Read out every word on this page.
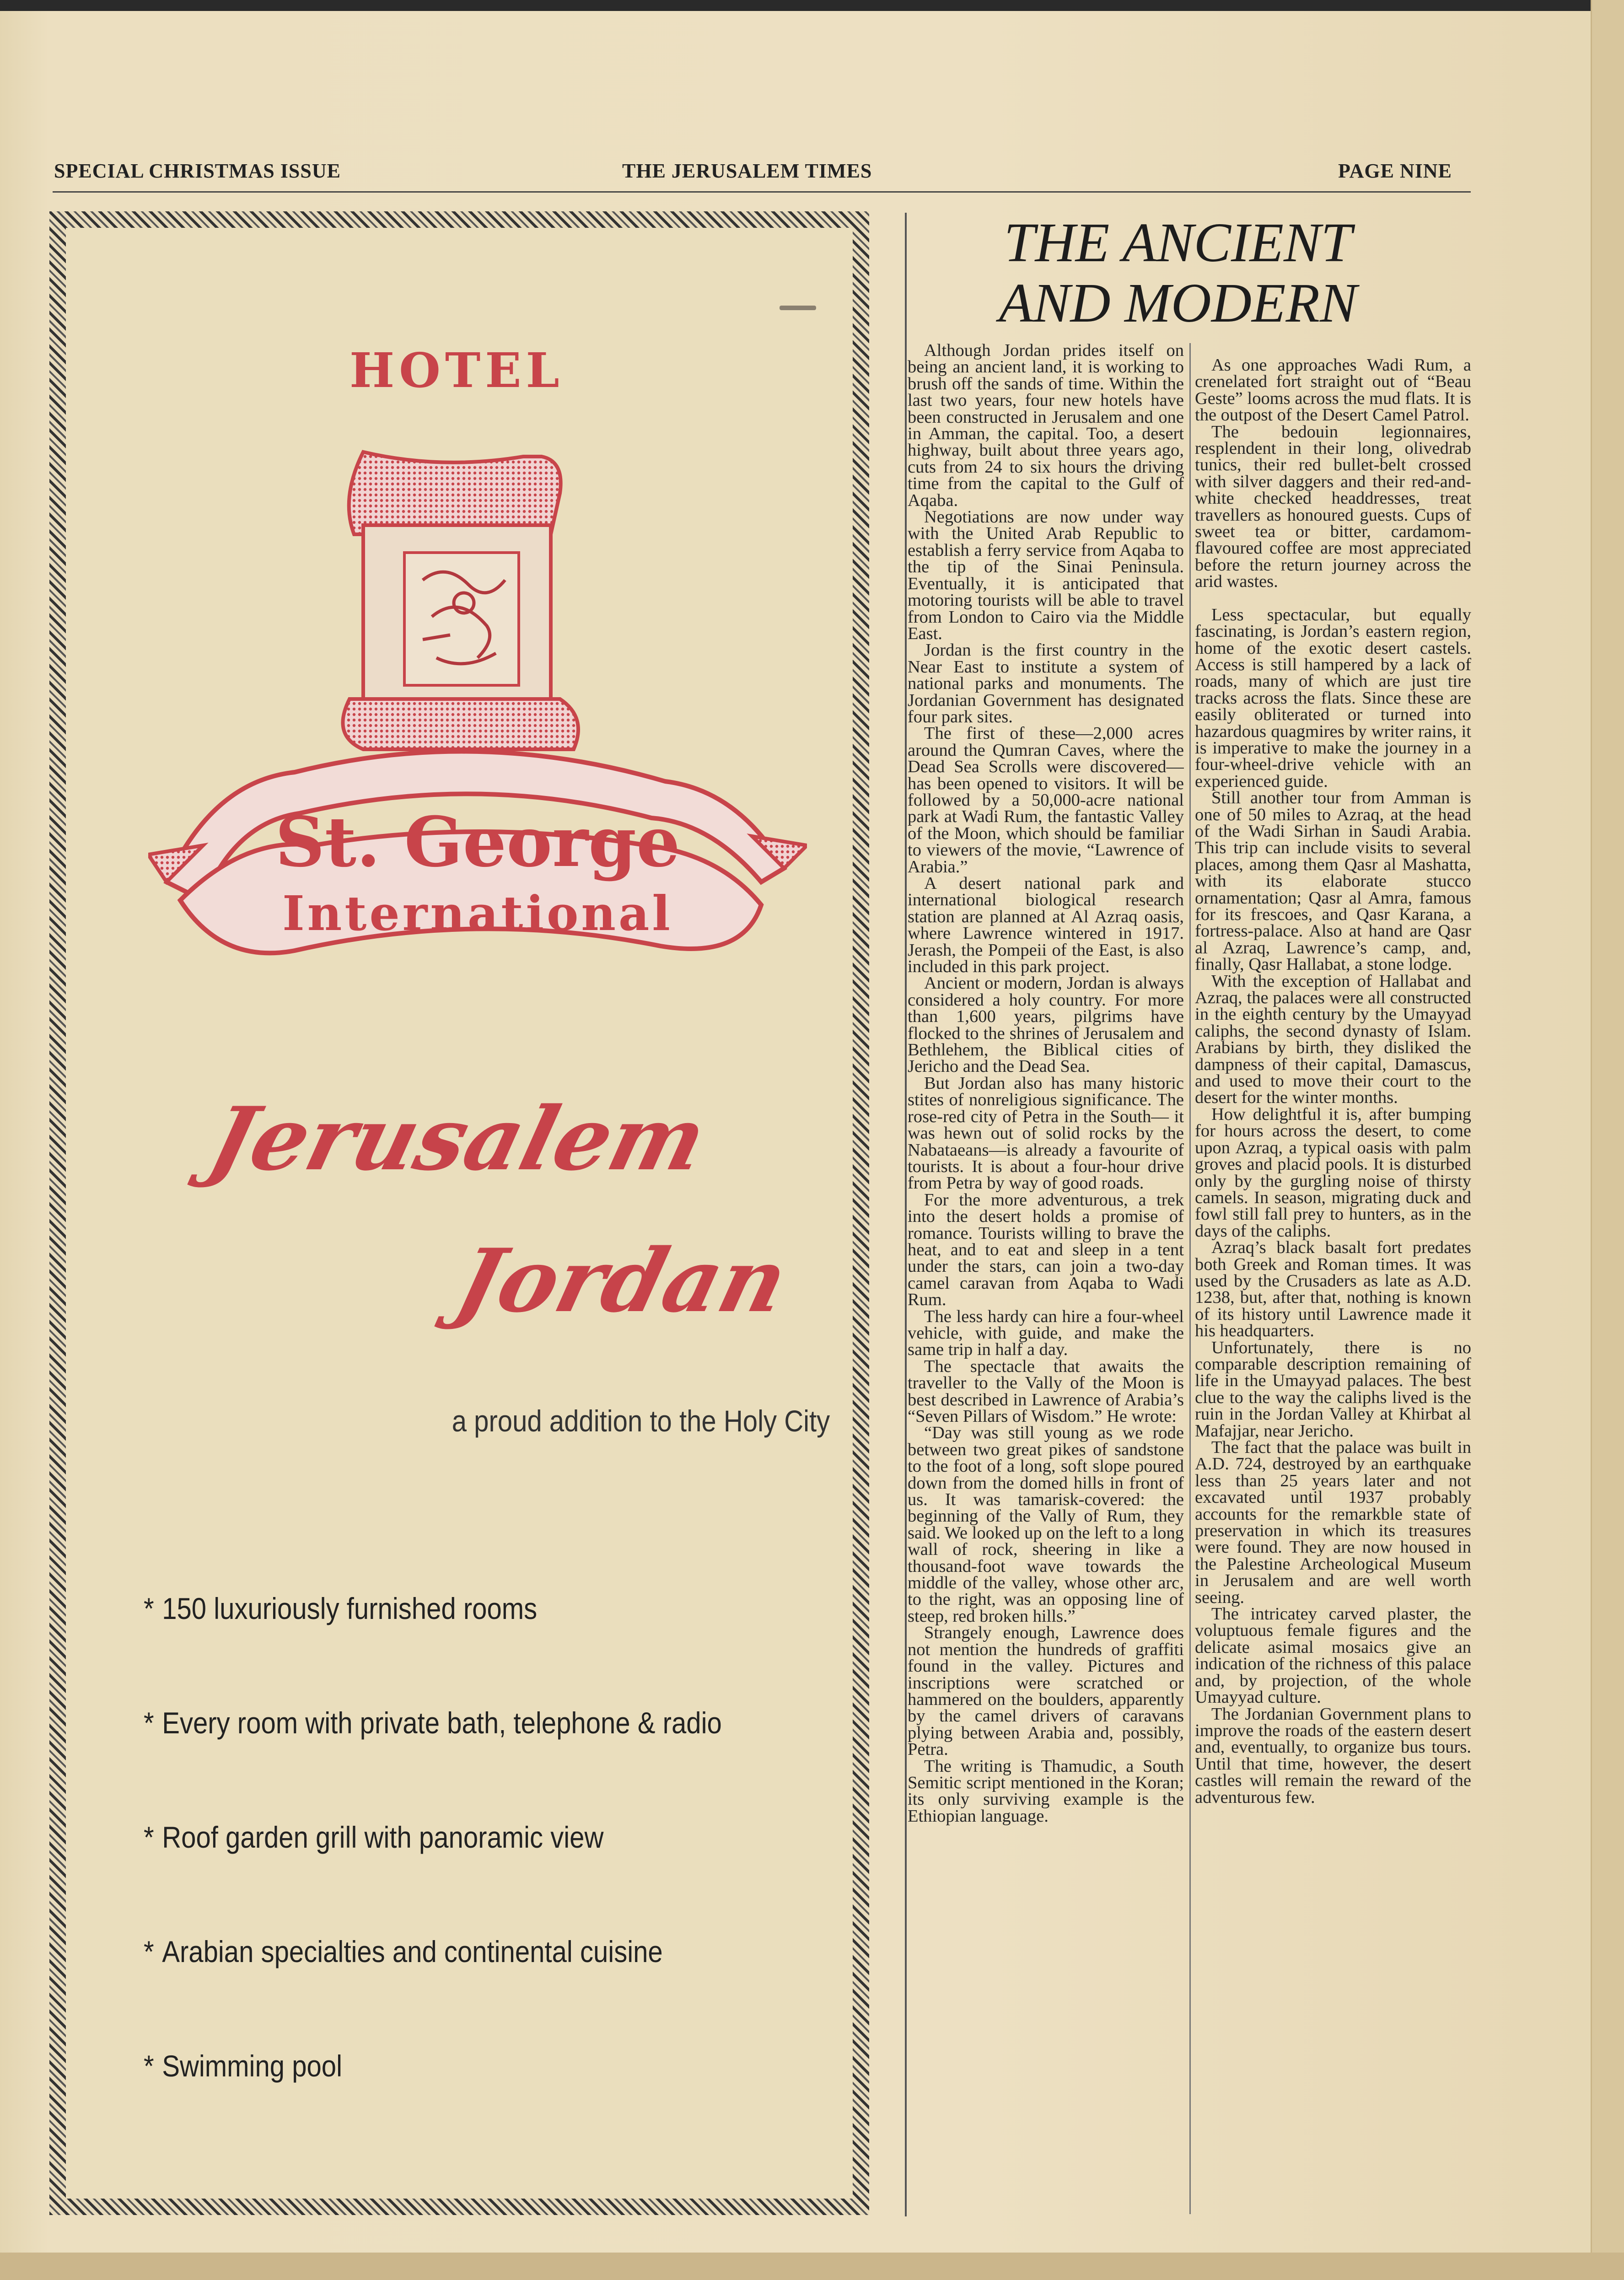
SPECIAL CHRISTMAS ISSUE	THE JERUSALEM TIMES	PAGE NINE
HOTEL
St. George
International
Jerusalem
Jordan
a proud addition to the Holy City
* 150 luxuriously furnished rooms
* Every room with private bath, telephone & radio
* Roof garden grill with panoramic view
* Arabian specialties and continental cuisine
* Swimming pool
THE ANCIENT
AND MODERN

Although Jordan prides itself on being an ancient land, it is working to brush off the sands of time. Within the last two years, four new hotels have been constructed in Jerusalem and one in Amman, the capital. Too, a desert highway, built about three years ago, cuts from 24 to six hours the driving time from the capital to the Gulf of Aqaba.

Negotiations are now under way with the United Arab Republic to establish a ferry service from Aqaba to the tip of the Sinai Peninsula. Eventually, it is anticipated that motoring tourists will be able to travel from London to Cairo via the Middle East.

Jordan is the first country in the Near East to institute a system of national parks and monuments. The Jordanian Government has designated four park sites.

The first of these—2,000 acres around the Qumran Caves, where the Dead Sea Scrolls were discovered—has been opened to visitors. It will be followed by a 50,000-acre national park at Wadi Rum, the fantastic Valley of the Moon, which should be familiar to viewers of the movie, “Lawrence of Arabia.”

A desert national park and international biological research station are planned at Al Azraq oasis, where Lawrence wintered in 1917. Jerash, the Pompeii of the East, is also included in this park project.

Ancient or modern, Jordan is always considered a holy country. For more than 1,600 years, pilgrims have flocked to the shrines of Jerusalem and Bethlehem, the Biblical cities of Jericho and the Dead Sea.

But Jordan also has many historic stites of nonreligious significance. The rose-red city of Petra in the South— it was hewn out of solid rocks by the Nabataeans—is already a favourite of tourists. It is about a four-hour drive from Petra by way of good roads.

For the more adventurous, a trek into the desert holds a promise of romance. Tourists willing to brave the heat, and to eat and sleep in a tent under the stars, can join a two-day camel caravan from Aqaba to Wadi Rum.

The less hardy can hire a four-wheel vehicle, with guide, and make the same trip in half a day.

The spectacle that awaits the traveller to the Vally of the Moon is best described in Lawrence of Arabia’s “Seven Pillars of Wisdom.” He wrote:

“Day was still young as we rode between two great pikes of sandstone to the foot of a long, soft slope poured down from the domed hills in front of us. It was tamarisk-covered: the beginning of the Vally of Rum, they said. We looked up on the left to a long wall of rock, sheering in like a thousand-foot wave towards the middle of the valley, whose other arc, to the right, was an opposing line of steep, red broken hills.”

Strangely enough, Lawrence does not mention the hundreds of graffiti found in the valley. Pictures and inscriptions were scratched or hammered on the boulders, apparently by the camel drivers of caravans plying between Arabia and, possibly, Petra.

The writing is Thamudic, a South Semitic script mentioned in the Koran; its only surviving example is the Ethiopian language.

As one approaches Wadi Rum, a crenelated fort straight out of “Beau Geste” looms across the mud flats. It is the outpost of the Desert Camel Patrol.

The bedouin legionnaires, resplendent in their long, olivedrab tunics, their red bullet-belt crossed with silver daggers and their red-and-white checked headdresses, treat travellers as honoured guests. Cups of sweet tea or bitter, cardamom-flavoured coffee are most appreciated before the return journey across the arid wastes.

Less spectacular, but equally fascinating, is Jordan’s eastern region, home of the exotic desert castels. Access is still hampered by a lack of roads, many of which are just tire tracks across the flats. Since these are easily obliterated or turned into hazardous quagmires by writer rains, it is imperative to make the journey in a four-wheel-drive vehicle with an experienced guide.

Still another tour from Amman is one of 50 miles to Azraq, at the head of the Wadi Sirhan in Saudi Arabia. This trip can include visits to several places, among them Qasr al Mashatta, with its elaborate stucco ornamentation; Qasr al Amra, famous for its frescoes, and Qasr Karana, a fortress-palace. Also at hand are Qasr al Azraq, Lawrence’s camp, and, finally, Qasr Hallabat, a stone lodge.

With the exception of Hallabat and Azraq, the palaces were all constructed in the eighth century by the Umayyad caliphs, the second dynasty of Islam. Arabians by birth, they disliked the dampness of their capital, Damascus, and used to move their court to the desert for the winter months.

How delightful it is, after bumping for hours across the desert, to come upon Azraq, a typical oasis with palm groves and placid pools. It is disturbed only by the gurgling noise of thirsty camels. In season, migrating duck and fowl still fall prey to hunters, as in the days of the caliphs.

Azraq’s black basalt fort predates both Greek and Roman times. It was used by the Crusaders as late as A.D. 1238, but, after that, nothing is known of its history until Lawrence made it his headquarters.

Unfortunately, there is no comparable description remaining of life in the Umayyad palaces. The best clue to the way the caliphs lived is the ruin in the Jordan Valley at Khirbat al Mafajjar, near Jericho.

The fact that the palace was built in A.D. 724, destroyed by an earthquake less than 25 years later and not excavated until 1937 probably accounts for the remarkble state of preservation in which its treasures were found. They are now housed in the Palestine Archeological Museum in Jerusalem and are well worth seeing.

The intricatey carved plaster, the voluptuous female figures and the delicate asimal mosaics give an indication of the richness of this palace and, by projection, of the whole Umayyad culture.

The Jordanian Government plans to improve the roads of the eastern desert and, eventually, to organize bus tours. Until that time, however, the desert castles will remain the reward of the adventurous few.
